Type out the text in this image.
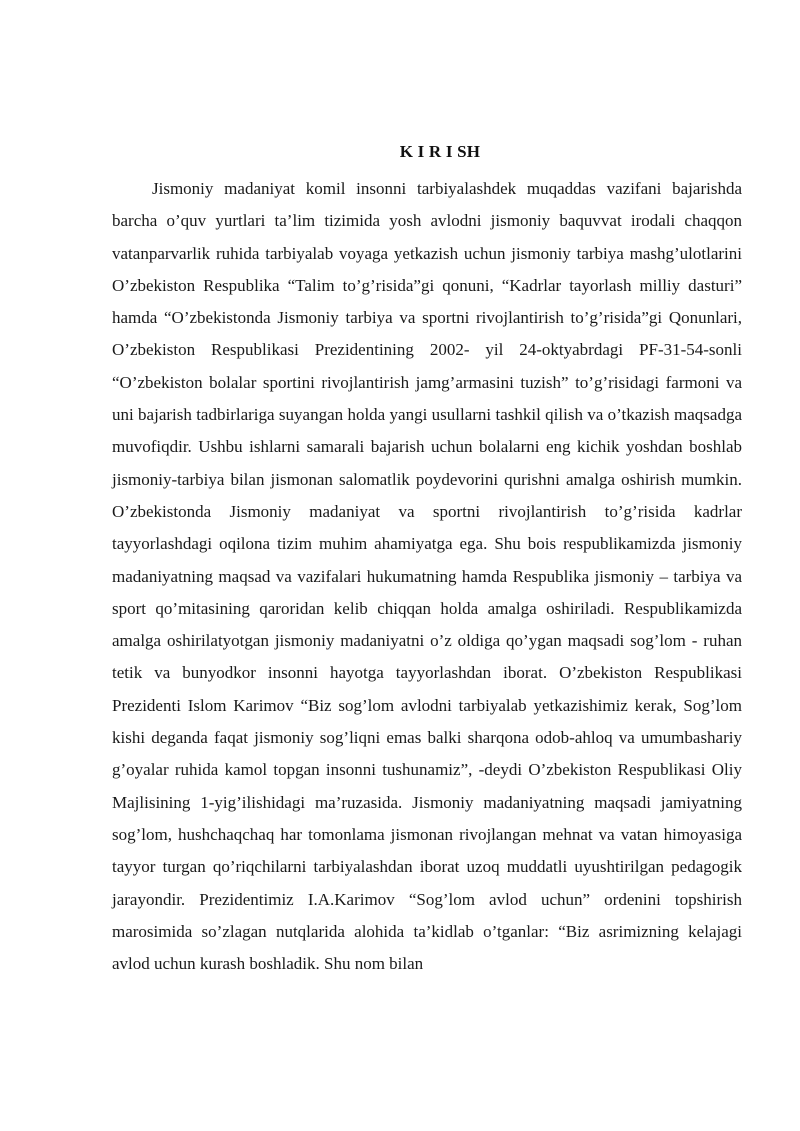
K I R I SH

Jismoniy madaniyat komil insonni tarbiyalashdek muqaddas vazifani bajarishda barcha o’quv yurtlari ta’lim tizimida yosh avlodni jismoniy baquvvat irodali chaqqon vatanparvarlik ruhida tarbiyalab voyaga yetkazish uchun jismoniy tarbiya mashg’ulotlarini O’zbekiston Respublika “Talim to’g’risida”gi qonuni, “Kadrlar tayorlash milliy dasturi” hamda “O’zbekistonda Jismoniy tarbiya va sportni rivojlantirish to’g’risida”gi Qonunlari, O’zbekiston Respublikasi Prezidentining 2002- yil 24-oktyabrdagi PF-31-54-sonli “O’zbekiston bolalar sportini rivojlantirish jamg’armasini tuzish” to’g’risidagi farmoni va uni bajarish tadbirlariga suyangan holda yangi usullarni tashkil qilish va o’tkazish maqsadga muvofiqdir. Ushbu ishlarni samarali bajarish uchun bolalarni eng kichik yoshdan boshlab jismoniy-tarbiya bilan jismonan salomatlik poydevorini qurishni amalga oshirish mumkin. O’zbekistonda Jismoniy madaniyat va sportni rivojlantirish to’g’risida kadrlar tayyorlashdagi oqilona tizim muhim ahamiyatga ega. Shu bois respublikamizda jismoniy madaniyatning maqsad va vazifalari hukumatning hamda Respublika jismoniy – tarbiya va sport qo’mitasining qaroridan kelib chiqqan holda amalga oshiriladi. Respublikamizda amalga oshirilatyotgan jismoniy madaniyatni o’z oldiga qo’ygan maqsadi sog’lom - ruhan tetik va bunyodkor insonni hayotga tayyorlashdan iborat. O’zbekiston Respublikasi Prezidenti Islom Karimov “Biz sog’lom avlodni tarbiyalab yetkazishimiz kerak, Sog’lom kishi deganda faqat jismoniy sog’liqni emas balki sharqona odob-ahloq va umumbashariy g’oyalar ruhida kamol topgan insonni tushunamiz”, -deydi O’zbekiston Respublikasi Oliy Majlisining 1-yig’ilishidagi ma’ruzasida. Jismoniy madaniyatning maqsadi jamiyatning sog’lom, hushchaqchaq har tomonlama jismonan rivojlangan mehnat va vatan himoyasiga tayyor turgan qo’riqchilarni tarbiyalashdan iborat uzoq muddatli uyushtirilgan pedagogik jarayondir. Prezidentimiz I.A.Karimov “Sog’lom avlod uchun” ordenini topshirish marosimida so’zlagan nutqlarida alohida ta’kidlab o’tganlar: “Biz asrimizning kelajagi avlod uchun kurash boshladik. Shu nom bilan
